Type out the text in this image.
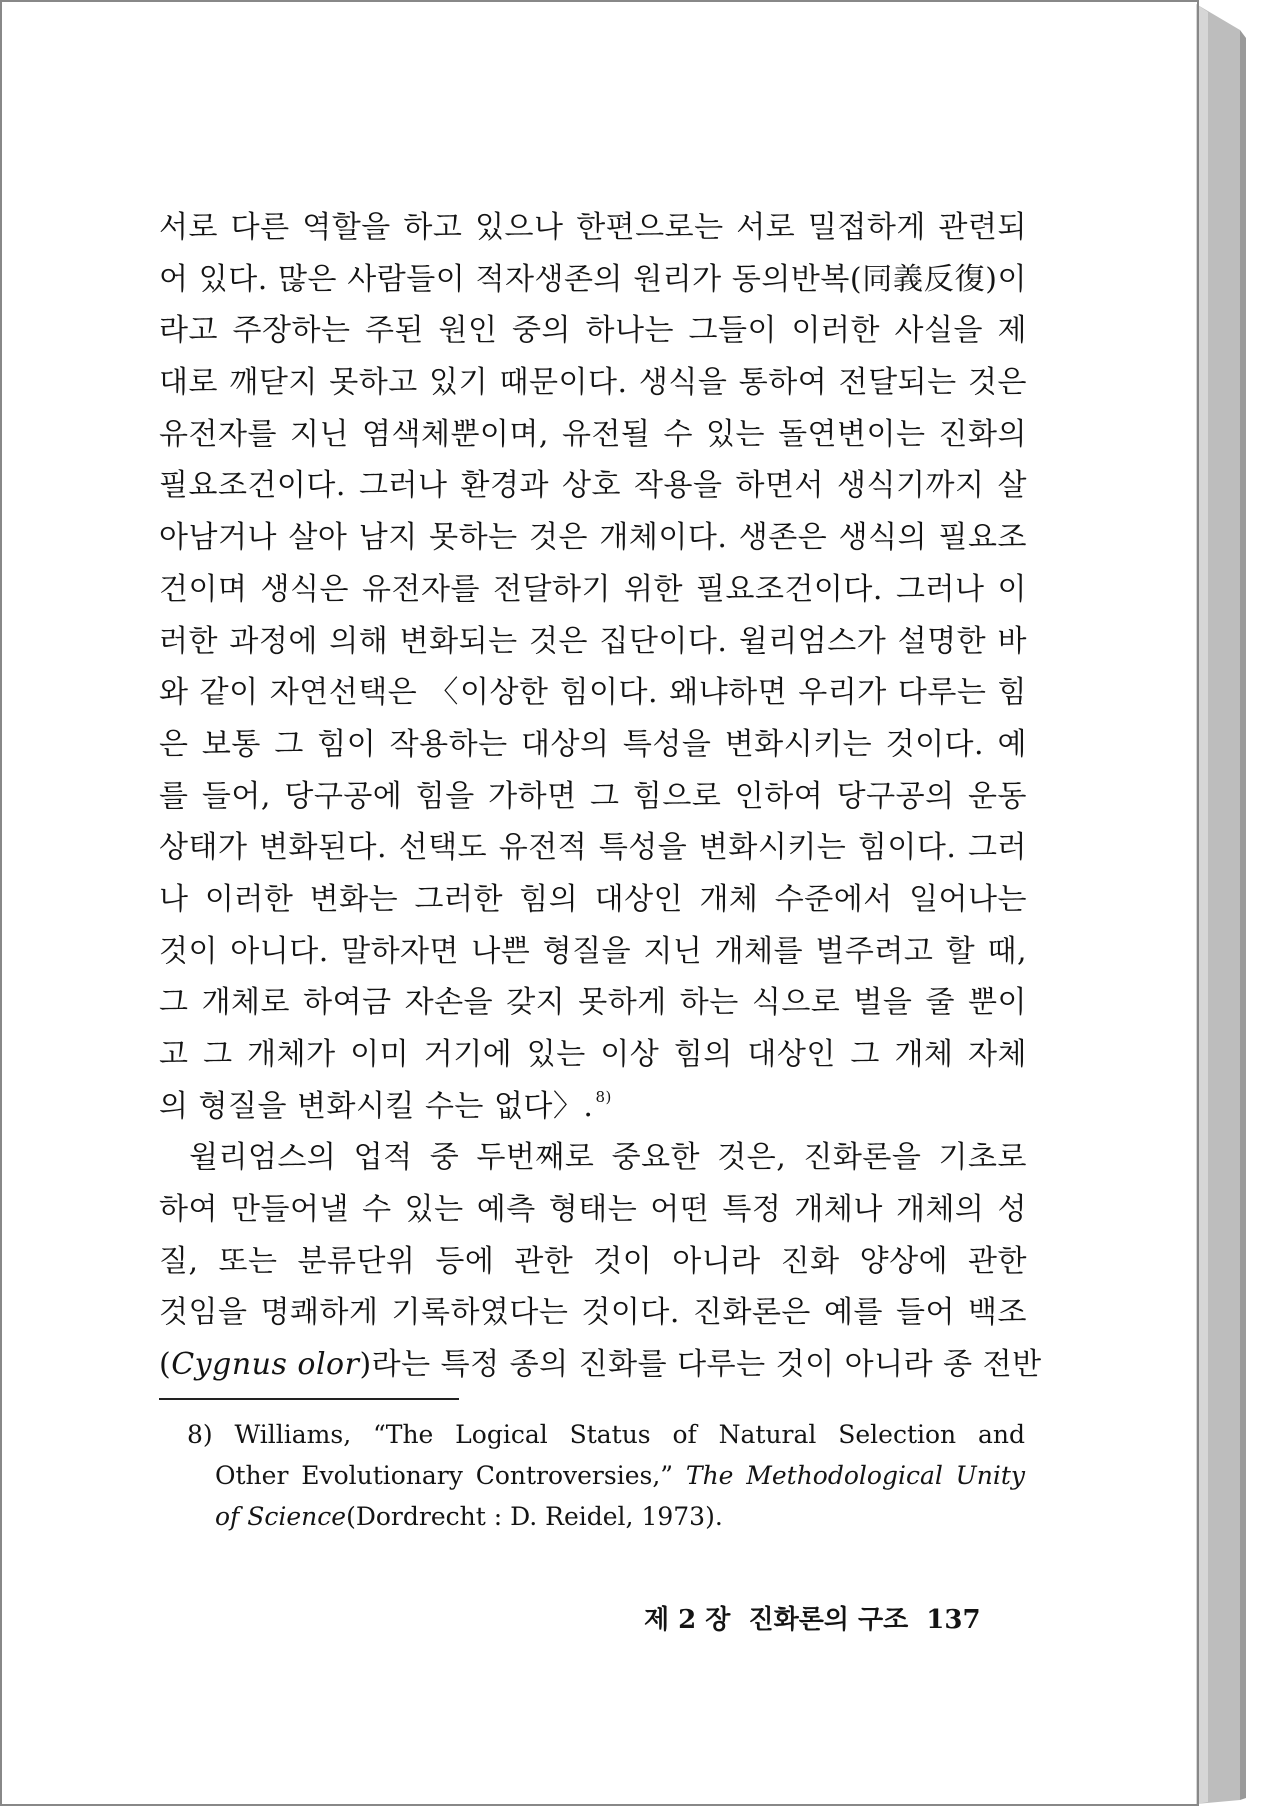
서로 다른 역할을 하고 있으나 한편으로는 서로 밀접하게 관련되
어 있다. 많은 사람들이 적자생존의 원리가 동의반복(同義反復)이
라고 주장하는 주된 원인 중의 하나는 그들이 이러한 사실을 제
대로 깨닫지 못하고 있기 때문이다. 생식을 통하여 전달되는 것은
유전자를 지닌 염색체뿐이며, 유전될 수 있는 돌연변이는 진화의
필요조건이다. 그러나 환경과 상호 작용을 하면서 생식기까지 살
아남거나 살아 남지 못하는 것은 개체이다. 생존은 생식의 필요조
건이며 생식은 유전자를 전달하기 위한 필요조건이다. 그러나 이
러한 과정에 의해 변화되는 것은 집단이다. 윌리엄스가 설명한 바
와 같이 자연선택은 〈이상한 힘이다. 왜냐하면 우리가 다루는 힘
은 보통 그 힘이 작용하는 대상의 특성을 변화시키는 것이다. 예
를 들어, 당구공에 힘을 가하면 그 힘으로 인하여 당구공의 운동
상태가 변화된다. 선택도 유전적 특성을 변화시키는 힘이다. 그러
나 이러한 변화는 그러한 힘의 대상인 개체 수준에서 일어나는
것이 아니다. 말하자면 나쁜 형질을 지닌 개체를 벌주려고 할 때,
그 개체로 하여금 자손을 갖지 못하게 하는 식으로 벌을 줄 뿐이
고 그 개체가 이미 거기에 있는 이상 힘의 대상인 그 개체 자체
의 형질을 변화시킬 수는 없다〉. $^{8)}$
윌리엄스의 업적 중 두번째로 중요한 것은, 진화론을 기초로
하여 만들어낼 수 있는 예측 형태는 어떤 특정 개체나 개체의 성
질, 또는 분류단위 등에 관한 것이 아니라 진화 양상에 관한
것임을 명쾌하게 기록하였다는 것이다. 진화론은 예를 들어 백조
(Cygnus olor)라는 특정 종의 진화를 다루는 것이 아니라 종 전반
8) Williams, “The Logical Status of Natural Selection and
Other Evolutionary Controversies,” The Methodological Unity
of Science(Dordrecht : D. Reidel, 1973).
제 2 장  진화론의 구조 137
